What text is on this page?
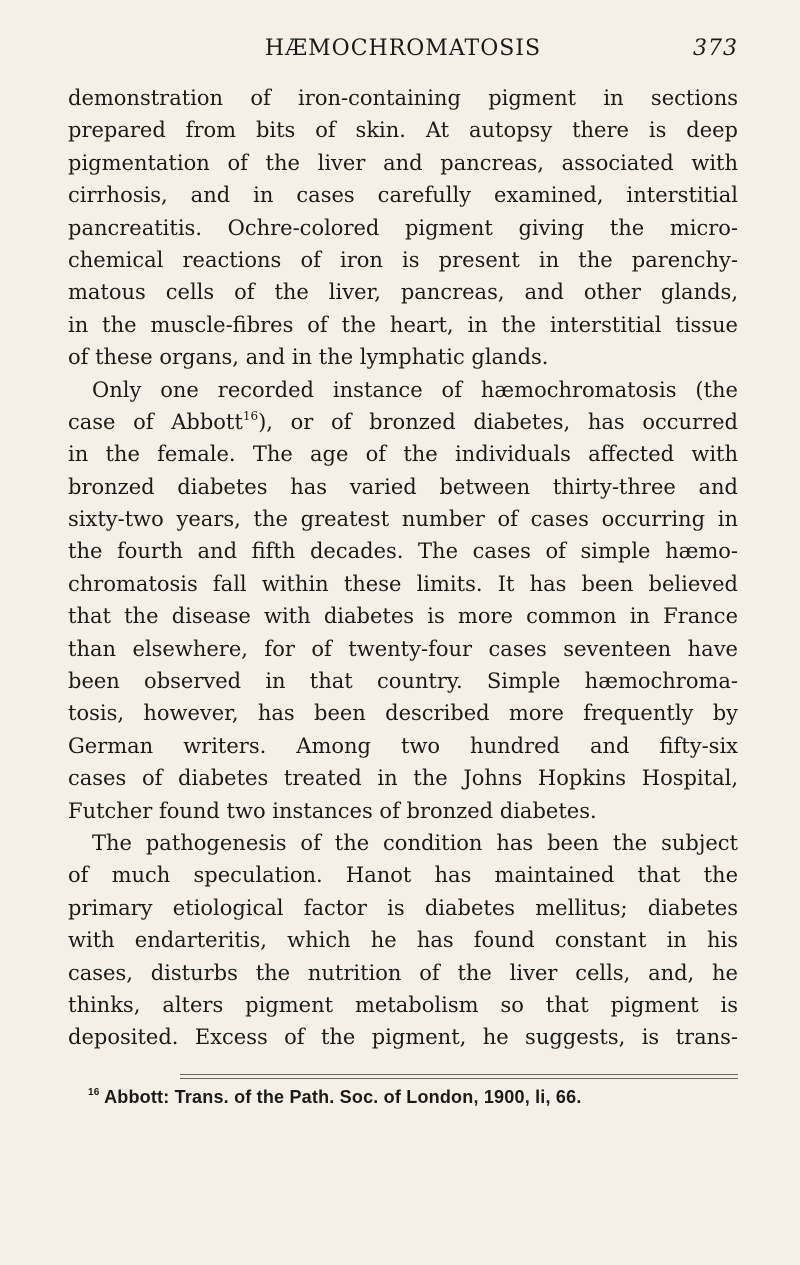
HÆMOCHROMATOSIS	373
demonstration of iron-containing pigment in sections
prepared from bits of skin. At autopsy there is deep
pigmentation of the liver and pancreas, associated with
cirrhosis, and in cases carefully examined, interstitial
pancreatitis. Ochre-colored pigment giving the micro-
chemical reactions of iron is present in the parenchy-
matous cells of the liver, pancreas, and other glands,
in the muscle-fibres of the heart, in the interstitial tissue
of these organs, and in the lymphatic glands.
Only one recorded instance of hæmochromatosis (the
case of Abbott$^{16}$), or of bronzed diabetes, has occurred
in the female. The age of the individuals affected with
bronzed diabetes has varied between thirty-three and
sixty-two years, the greatest number of cases occurring in
the fourth and fifth decades. The cases of simple hæmo-
chromatosis fall within these limits. It has been believed
that the disease with diabetes is more common in France
than elsewhere, for of twenty-four cases seventeen have
been observed in that country. Simple hæmochroma-
tosis, however, has been described more frequently by
German writers. Among two hundred and fifty-six
cases of diabetes treated in the Johns Hopkins Hospital,
Futcher found two instances of bronzed diabetes.
The pathogenesis of the condition has been the subject
of much speculation. Hanot has maintained that the
primary etiological factor is diabetes mellitus; diabetes
with endarteritis, which he has found constant in his
cases, disturbs the nutrition of the liver cells, and, he
thinks, alters pigment metabolism so that pigment is
deposited. Excess of the pigment, he suggests, is trans-
$^{16}$ Abbott: Trans. of the Path. Soc. of London, 1900, li, 66.
